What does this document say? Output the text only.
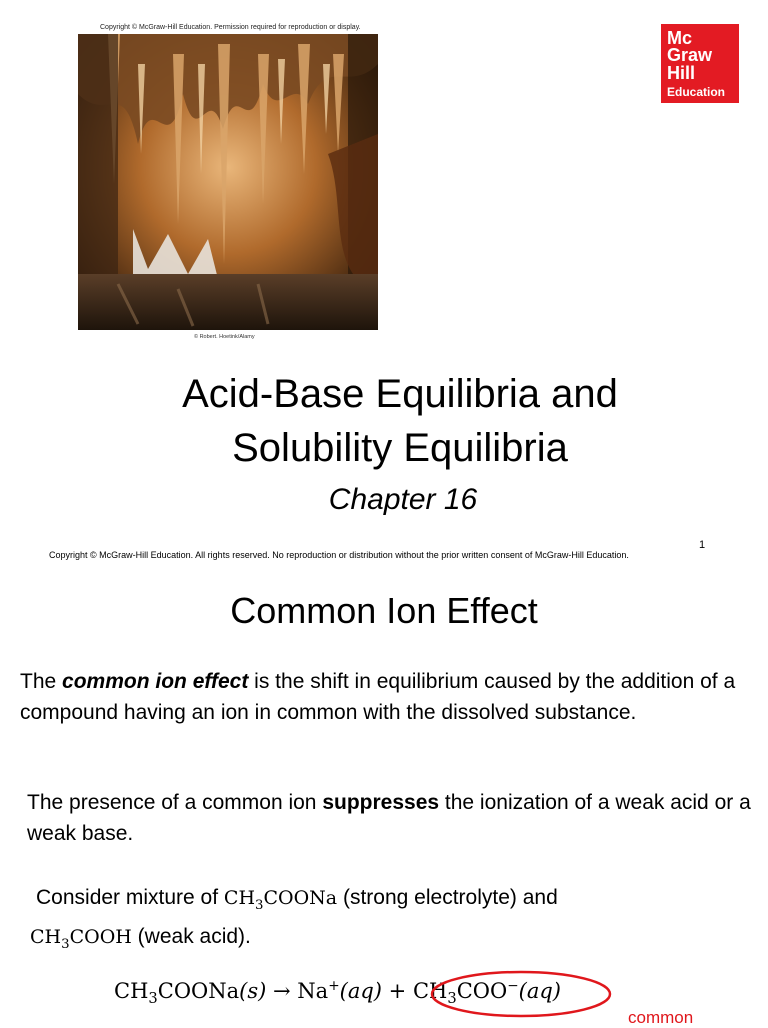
Copyright © McGraw-Hill Education. Permission required for reproduction or display.
© Robert. Hoetink/Alamy
Mc
Graw
Hill
Education
Acid-Base Equilibria and
Solubility Equilibria
Chapter 16
Copyright © McGraw-Hill Education. All rights reserved. No reproduction or distribution without the prior written consent of McGraw-Hill Education.
1
Common Ion Effect
The common ion effect is the shift in equilibrium caused by the addition of a compound having an ion in common with the dissolved substance.
The presence of a common ion suppresses the ionization of a weak acid or a weak base.
Consider mixture of $CH_3COONa$ (strong electrolyte) and
$CH_3COOH$ (weak acid).
$CH_3COONa(s) \to Na^+(aq) + CH_3COO^-(aq)$
common
